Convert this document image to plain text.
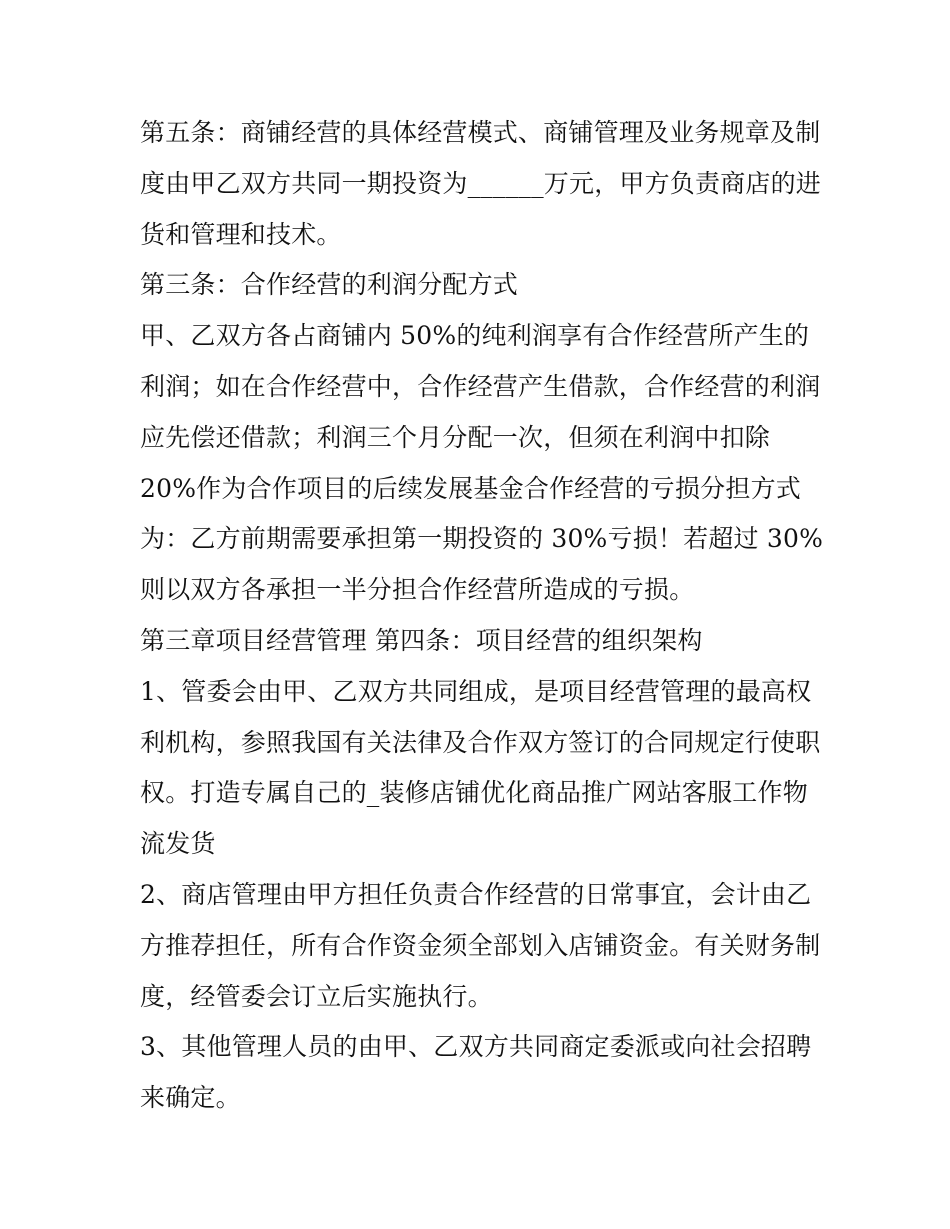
第五条：商铺经营的具体经营模式、商铺管理及业务规章及制
度由甲乙双方共同一期投资为______万元，甲方负责商店的进
货和管理和技术。
第三条：合作经营的利润分配方式
甲、乙双方各占商铺内 50%的纯利润享有合作经营所产生的
利润；如在合作经营中，合作经营产生借款，合作经营的利润
应先偿还借款；利润三个月分配一次，但须在利润中扣除
20%作为合作项目的后续发展基金合作经营的亏损分担方式
为：乙方前期需要承担第一期投资的 30%亏损！若超过 30%
则以双方各承担一半分担合作经营所造成的亏损。
第三章项目经营管理 第四条：项目经营的组织架构
1、管委会由甲、乙双方共同组成，是项目经营管理的最高权
利机构，参照我国有关法律及合作双方签订的合同规定行使职
权。打造专属自己的_装修店铺优化商品推广网站客服工作物
流发货
2、商店管理由甲方担任负责合作经营的日常事宜，会计由乙
方推荐担任，所有合作资金须全部划入店铺资金。有关财务制
度，经管委会订立后实施执行。
3、其他管理人员的由甲、乙双方共同商定委派或向社会招聘
来确定。
